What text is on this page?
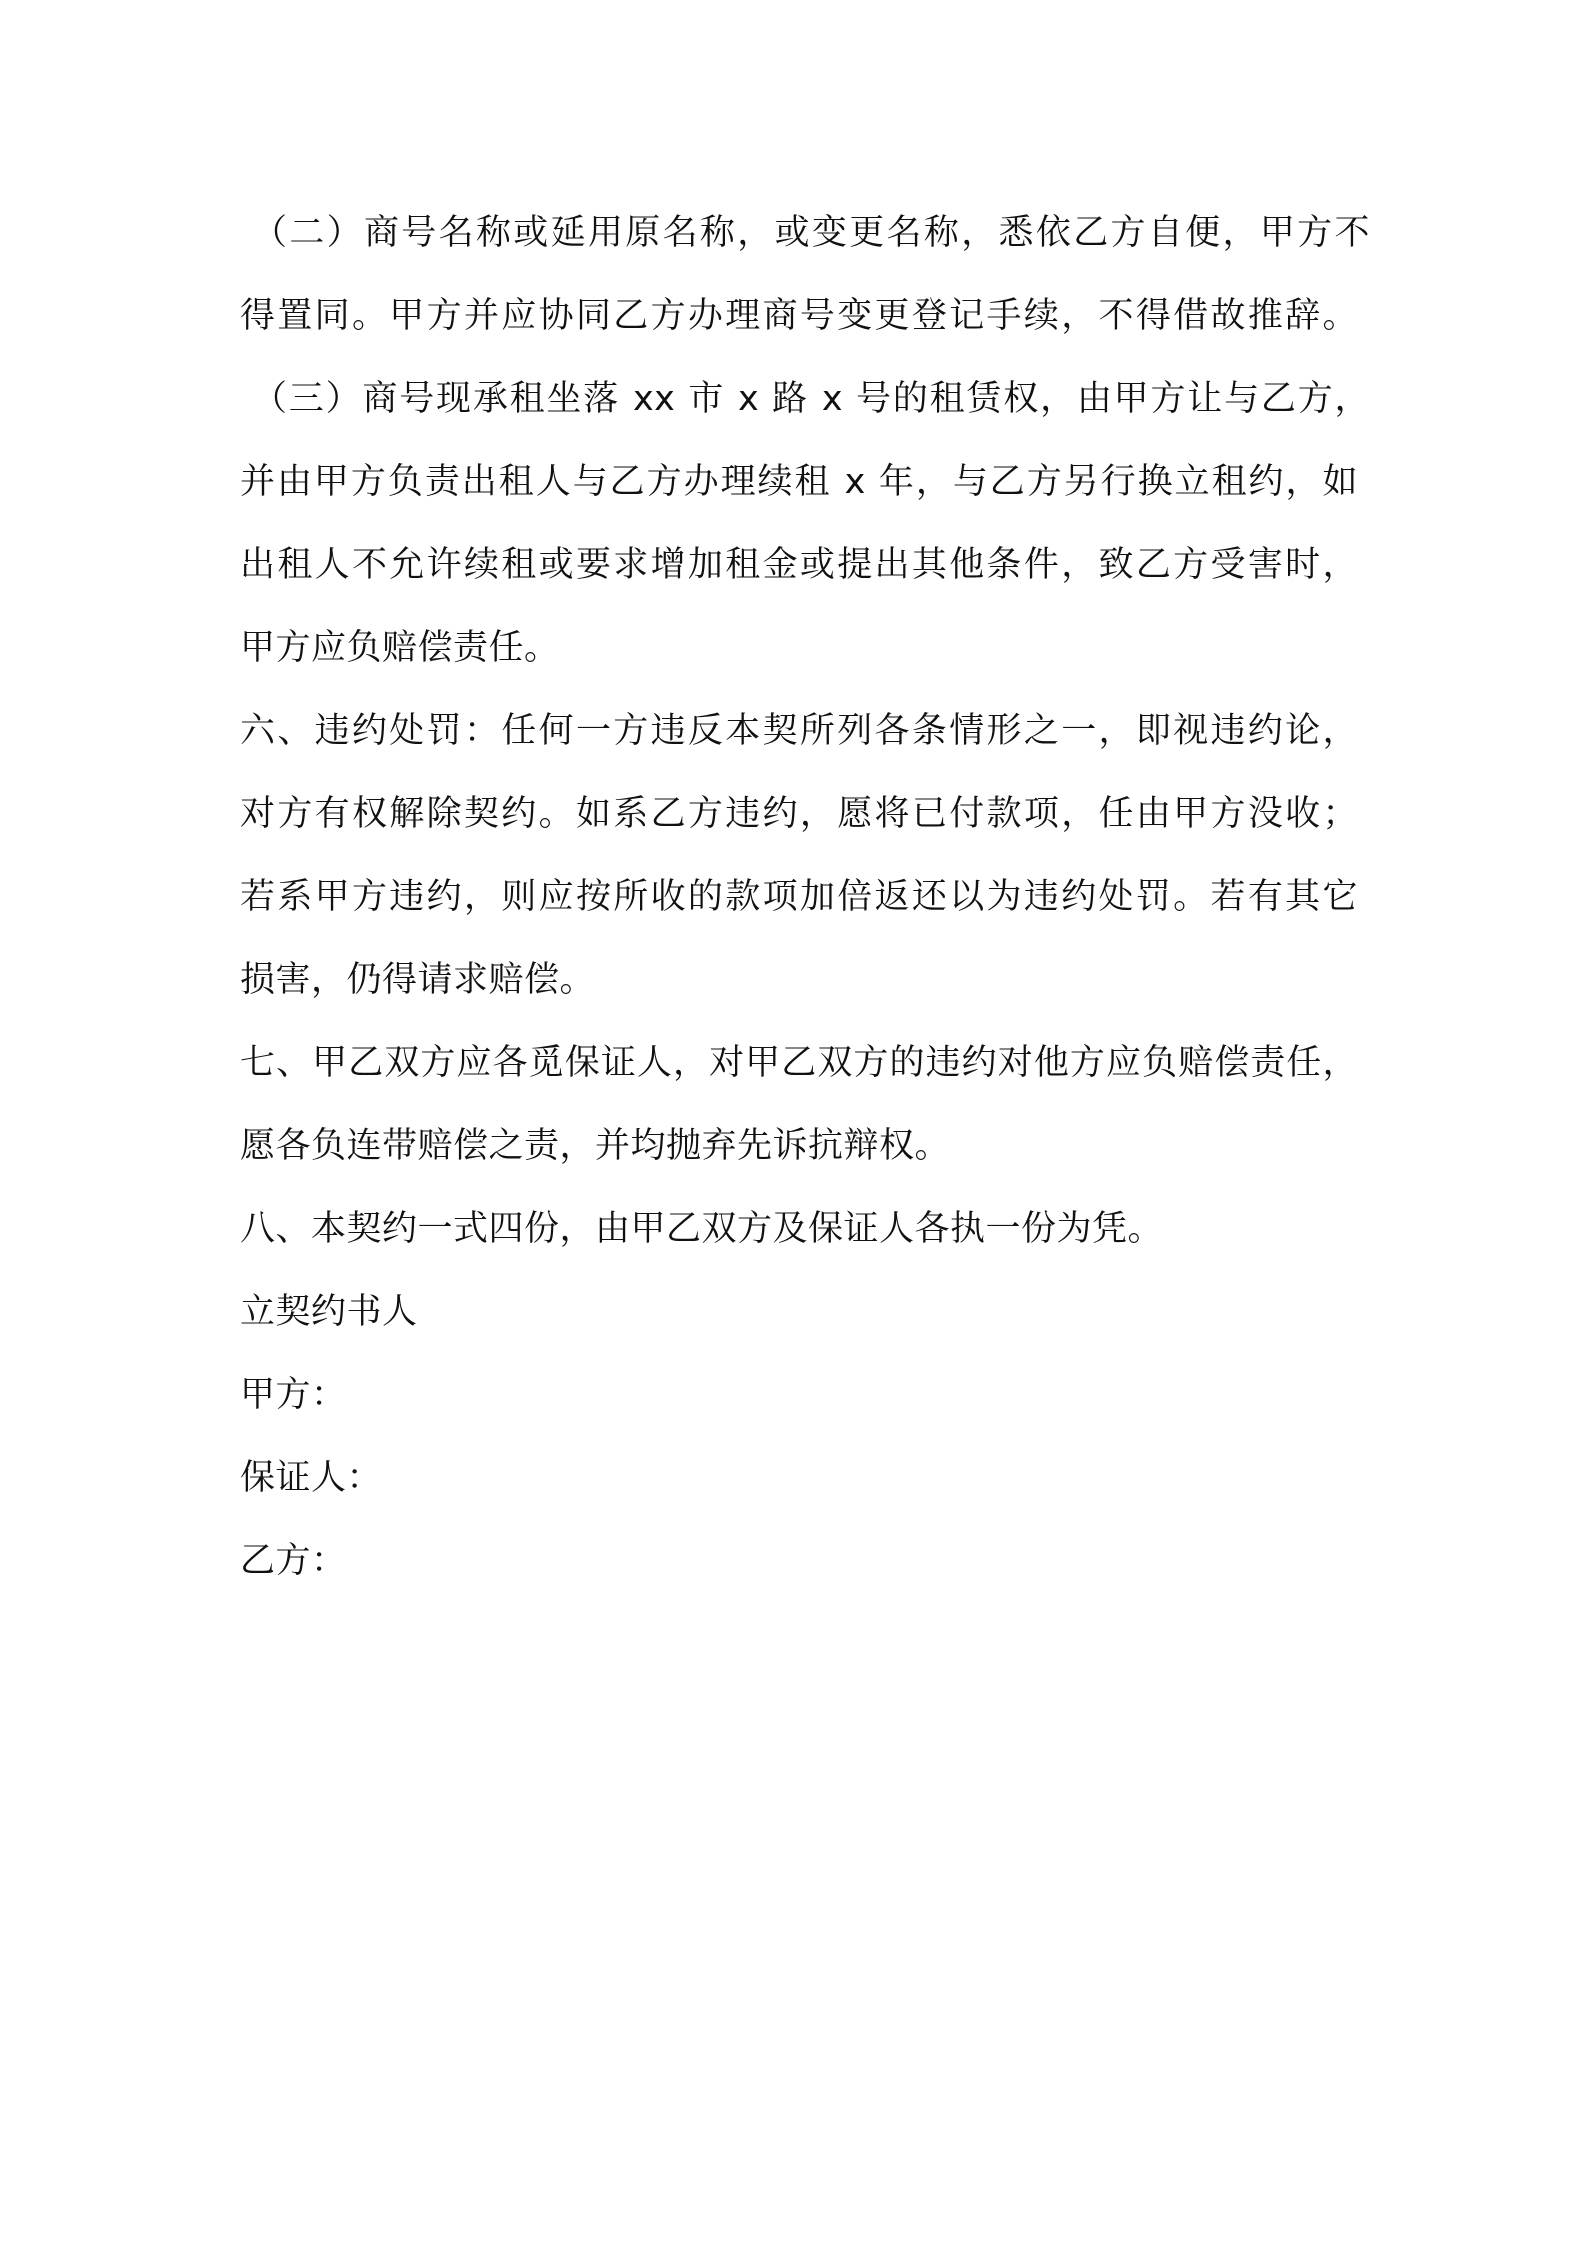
（二）商号名称或延用原名称，或变更名称，悉依乙方自便，甲方不
得置同。甲方并应协同乙方办理商号变更登记手续，不得借故推辞。
（三）商号现承租坐落 xx 市 x 路 x 号的租赁权，由甲方让与乙方，
并由甲方负责出租人与乙方办理续租 x 年，与乙方另行换立租约，如
出租人不允许续租或要求增加租金或提出其他条件，致乙方受害时，
甲方应负赔偿责任。
六、违约处罚：任何一方违反本契所列各条情形之一，即视违约论，
对方有权解除契约。如系乙方违约，愿将已付款项，任由甲方没收；
若系甲方违约，则应按所收的款项加倍返还以为违约处罚。若有其它
损害，仍得请求赔偿。
七、甲乙双方应各觅保证人，对甲乙双方的违约对他方应负赔偿责任，
愿各负连带赔偿之责，并均抛弃先诉抗辩权。
八、本契约一式四份，由甲乙双方及保证人各执一份为凭。
立契约书人
甲方：
保证人：
乙方：
